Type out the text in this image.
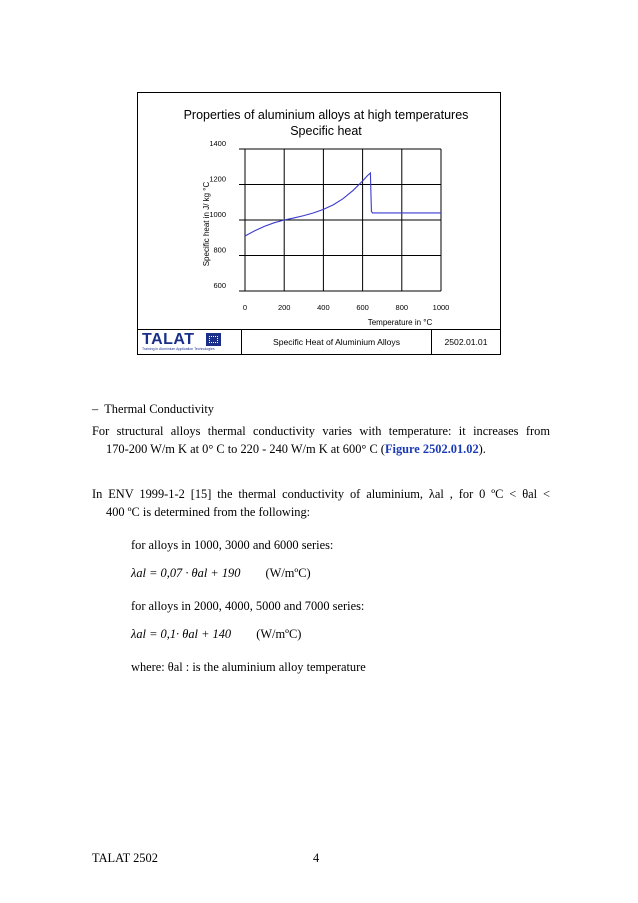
Properties of aluminium alloys at high temperatures
Specific heat
600
800
1000
1200
1400
0	200	400	600	800	1000
Specific heat in J/ kg °C
Temperature in °C
TALAT
Training in Aluminium Application Technologies
Specific Heat of Aluminium Alloys	2502.01.01
– Thermal Conductivity
For structural alloys thermal conductivity varies with temperature: it increases from
170-200 W/m K at 0° C to 220 - 240 W/m K at 600° C (Figure 2502.01.02).
In ENV 1999-1-2 [15] the thermal conductivity of aluminium, λal , for 0 ºC < θal <
400 ºC is determined from the following:
for alloys in 1000, 3000 and 6000 series:
λal = 0,07 · θal + 190 (W/mºC)
for alloys in 2000, 4000, 5000 and 7000 series:
λal = 0,1· θal + 140 (W/mºC)
where: θal : is the aluminium alloy temperature
TALAT 2502	4
